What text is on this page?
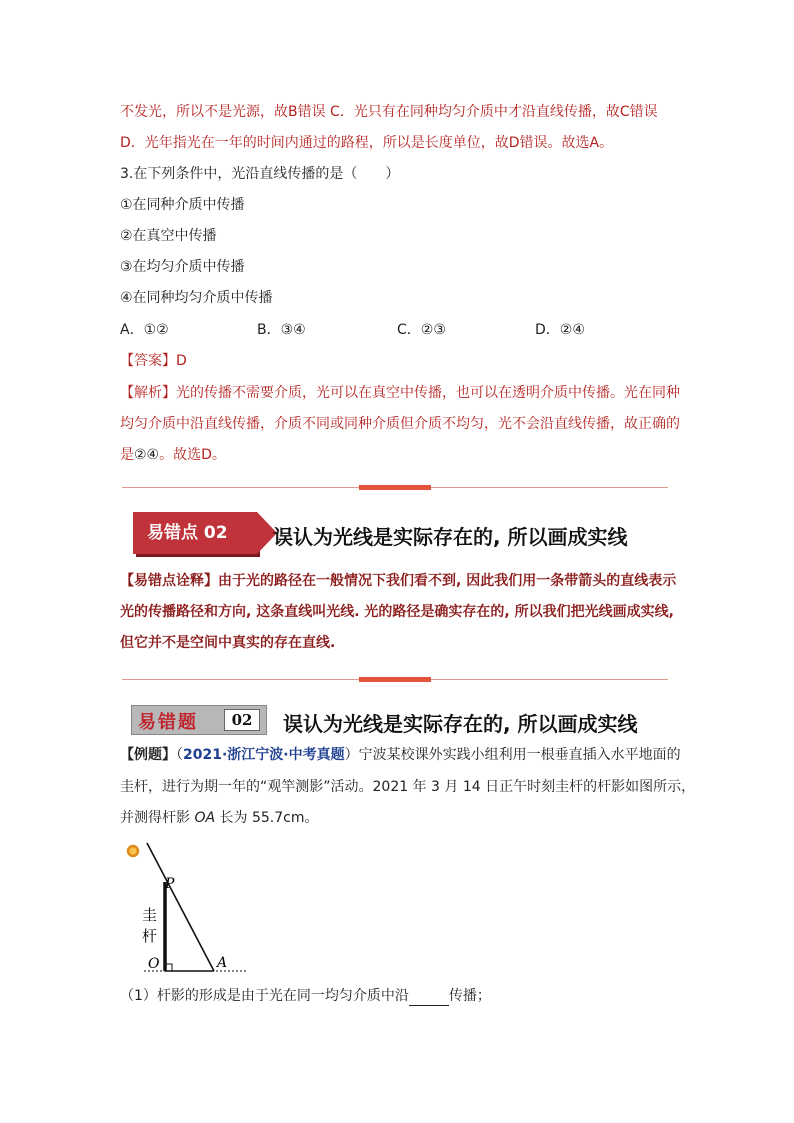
不发光，所以不是光源，故B错误 C．光只有在同种均匀介质中才沿直线传播，故C错误
D．光年指光在一年的时间内通过的路程，所以是长度单位，故D错误。故选A。
3.在下列条件中，光沿直线传播的是（　　）
①在同种介质中传播
②在真空中传播
③在均匀介质中传播
④在同种均匀介质中传播
A．①②	B．③④	C．②③	D．②④
【答案】D
【解析】光的传播不需要介质，光可以在真空中传播，也可以在透明介质中传播。光在同种
均匀介质中沿直线传播，介质不同或同种介质但介质不均匀，光不会沿直线传播，故正确的
是②④。故选D。
易错点 02	误认为光线是实际存在的, 所以画成实线
【易错点诠释】由于光的路径在一般情况下我们看不到, 因此我们用一条带箭头的直线表示
光的传播路径和方向, 这条直线叫光线. 光的路径是确实存在的, 所以我们把光线画成实线,
但它并不是空间中真实的存在直线.
易错题	02	误认为光线是实际存在的, 所以画成实线
【例题】（2021·浙江宁波·中考真题）宁波某校课外实践小组利用一根垂直插入水平地面的
圭杆，进行为期一年的“观竿测影”活动。2021 年 3 月 14 日正午时刻圭杆的杆影如图所示，
并测得杆影 OA 长为 55.7cm。
P
O	A
圭
杆
（1）杆影的形成是由于光在同一均匀介质中沿	传播；
